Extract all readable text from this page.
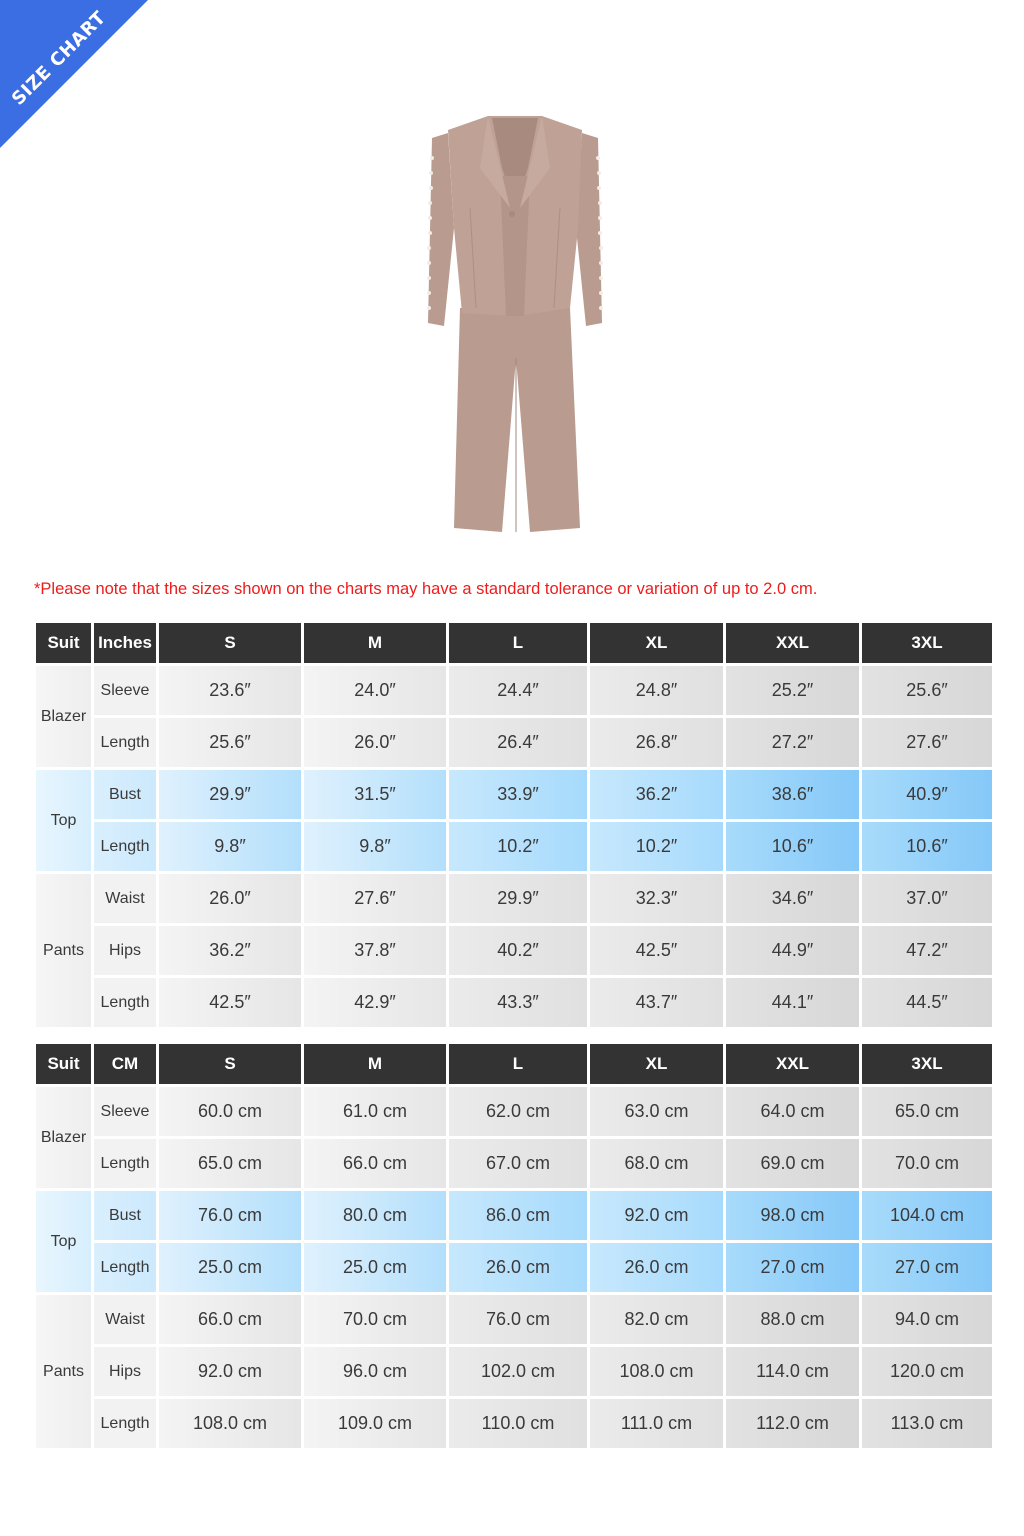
SIZE CHART
*Please note that the sizes shown on the charts may have a standard tolerance or variation of up to 2.0 cm.
Suit	Inches	S	M	L	XL	XXL	3XL
Blazer	Sleeve	23.6″	24.0″	24.4″	24.8″	25.2″	25.6″
	Length	25.6″	26.0″	26.4″	26.8″	27.2″	27.6″
Top	Bust	29.9″	31.5″	33.9″	36.2″	38.6″	40.9″
	Length	9.8″	9.8″	10.2″	10.2″	10.6″	10.6″
Pants	Waist	26.0″	27.6″	29.9″	32.3″	34.6″	37.0″
	Hips	36.2″	37.8″	40.2″	42.5″	44.9″	47.2″
	Length	42.5″	42.9″	43.3″	43.7″	44.1″	44.5″
Suit	CM	S	M	L	XL	XXL	3XL
Blazer	Sleeve	60.0 cm	61.0 cm	62.0 cm	63.0 cm	64.0 cm	65.0 cm
	Length	65.0 cm	66.0 cm	67.0 cm	68.0 cm	69.0 cm	70.0 cm
Top	Bust	76.0 cm	80.0 cm	86.0 cm	92.0 cm	98.0 cm	104.0 cm
	Length	25.0 cm	25.0 cm	26.0 cm	26.0 cm	27.0 cm	27.0 cm
Pants	Waist	66.0 cm	70.0 cm	76.0 cm	82.0 cm	88.0 cm	94.0 cm
	Hips	92.0 cm	96.0 cm	102.0 cm	108.0 cm	114.0 cm	120.0 cm
	Length	108.0 cm	109.0 cm	110.0 cm	111.0 cm	112.0 cm	113.0 cm
